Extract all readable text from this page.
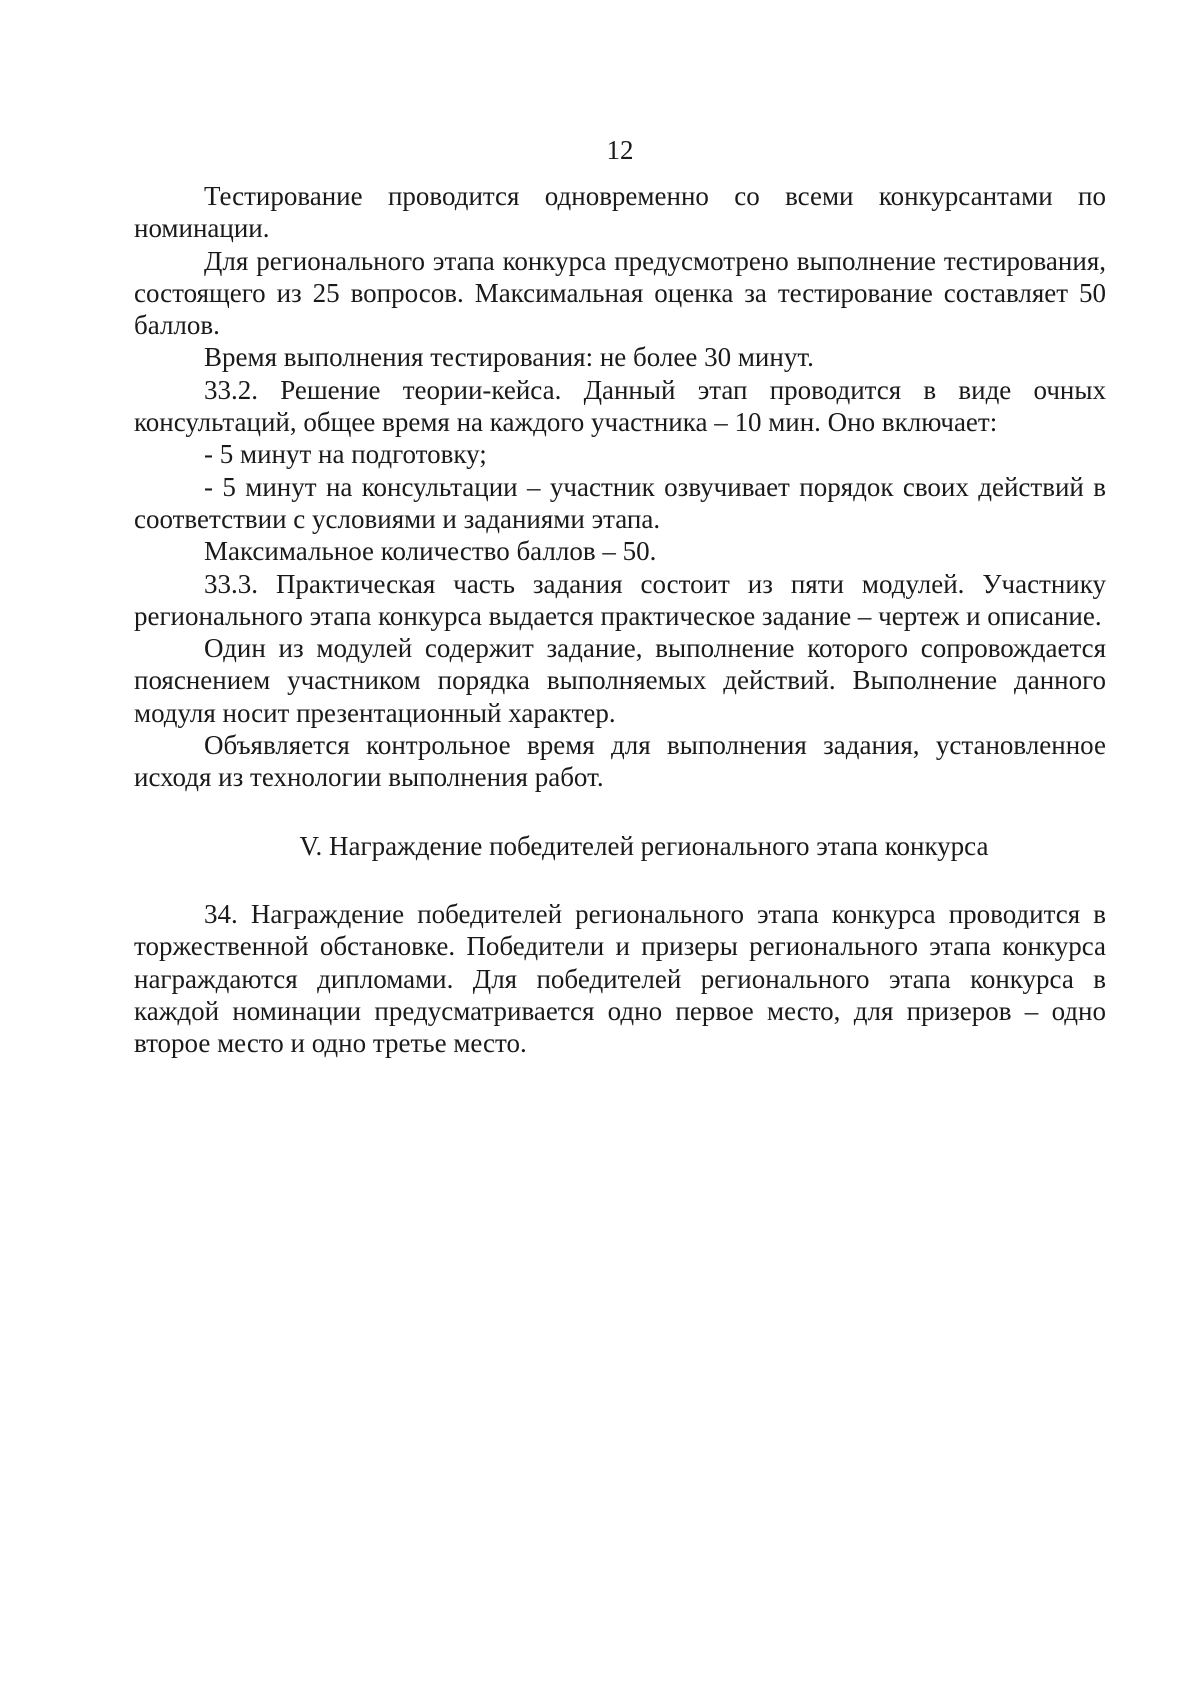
12

Тестирование проводится одновременно со всеми конкурсантами по номинации.

Для регионального этапа конкурса предусмотрено выполнение тестирования, состоящего из 25 вопросов. Максимальная оценка за тестирование составляет 50 баллов.

Время выполнения тестирования: не более 30 минут.

33.2. Решение теории-кейса. Данный этап проводится в виде очных консультаций, общее время на каждого участника – 10 мин. Оно включает:

- 5 минут на подготовку;

- 5 минут на консультации – участник озвучивает порядок своих действий в соответствии с условиями и заданиями этапа.

Максимальное количество баллов – 50.

33.3. Практическая часть задания состоит из пяти модулей. Участнику регионального этапа конкурса выдается практическое задание – чертеж и описание.

Один из модулей содержит задание, выполнение которого сопровождается пояснением участником порядка выполняемых действий. Выполнение данного модуля носит презентационный характер.

Объявляется контрольное время для выполнения задания, установленное исходя из технологии выполнения работ.

V. Награждение победителей регионального этапа конкурса

34. Награждение победителей регионального этапа конкурса проводится в торжественной обстановке. Победители и призеры регионального этапа конкурса награждаются дипломами. Для победителей регионального этапа конкурса в каждой номинации предусматривается одно первое место, для призеров – одно второе место и одно третье место.
